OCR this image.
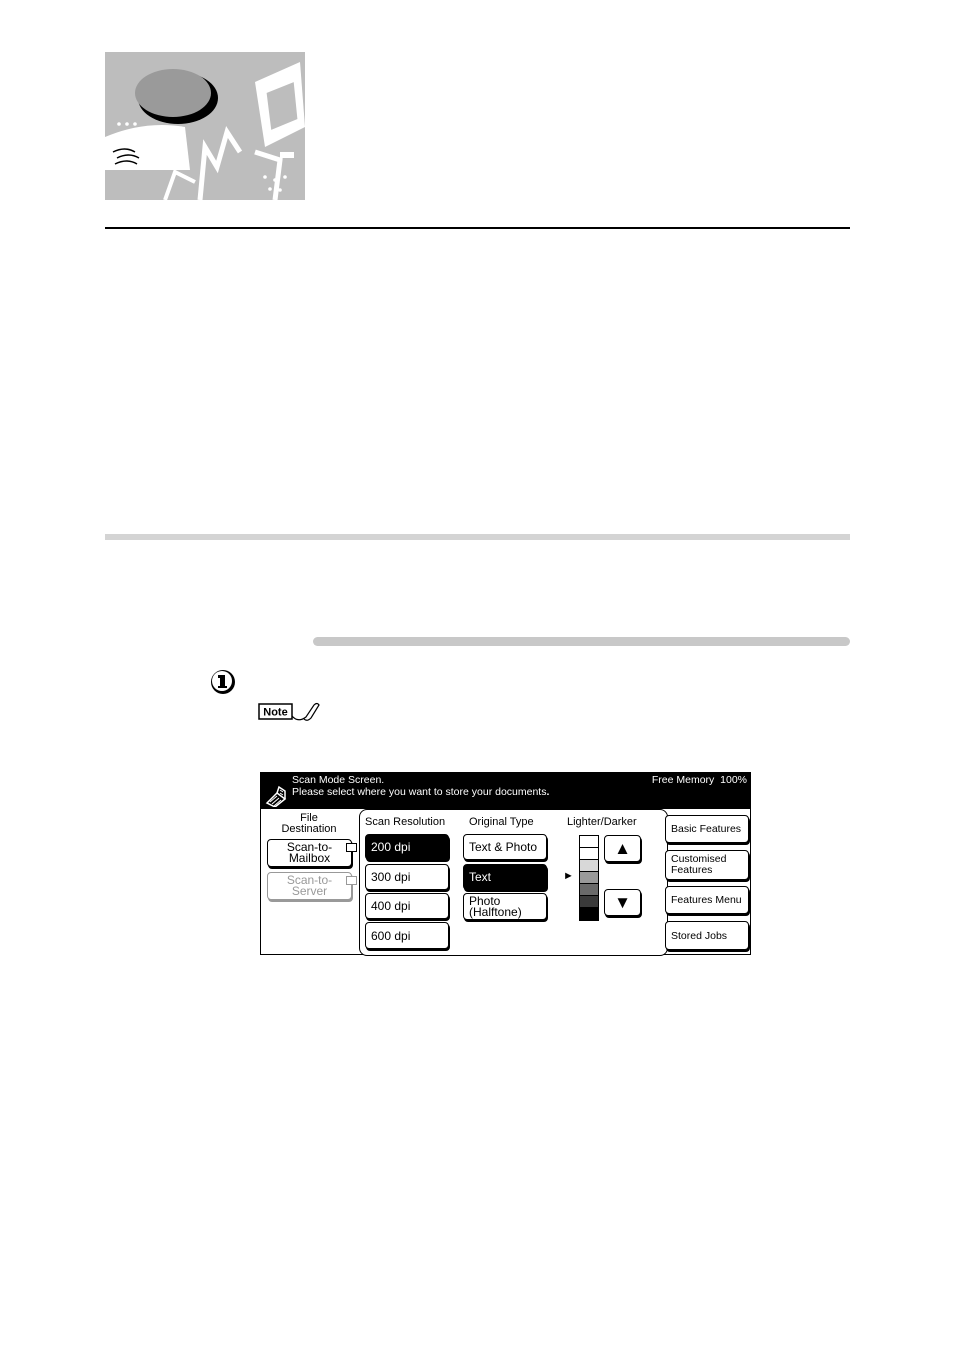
Note
Scan Mode Screen.
Please select where you want to store your documents.
Free Memory 100%
File
Destination
Scan-to-
Mailbox
Scan-to-
Server
Scan Resolution
200 dpi
300 dpi
400 dpi
600 dpi
Original Type
Text & Photo
Text
Photo
(Halftone)
Lighter/Darker
►
▲
▼
Basic Features
Customised
Features
Features Menu
Stored Jobs
